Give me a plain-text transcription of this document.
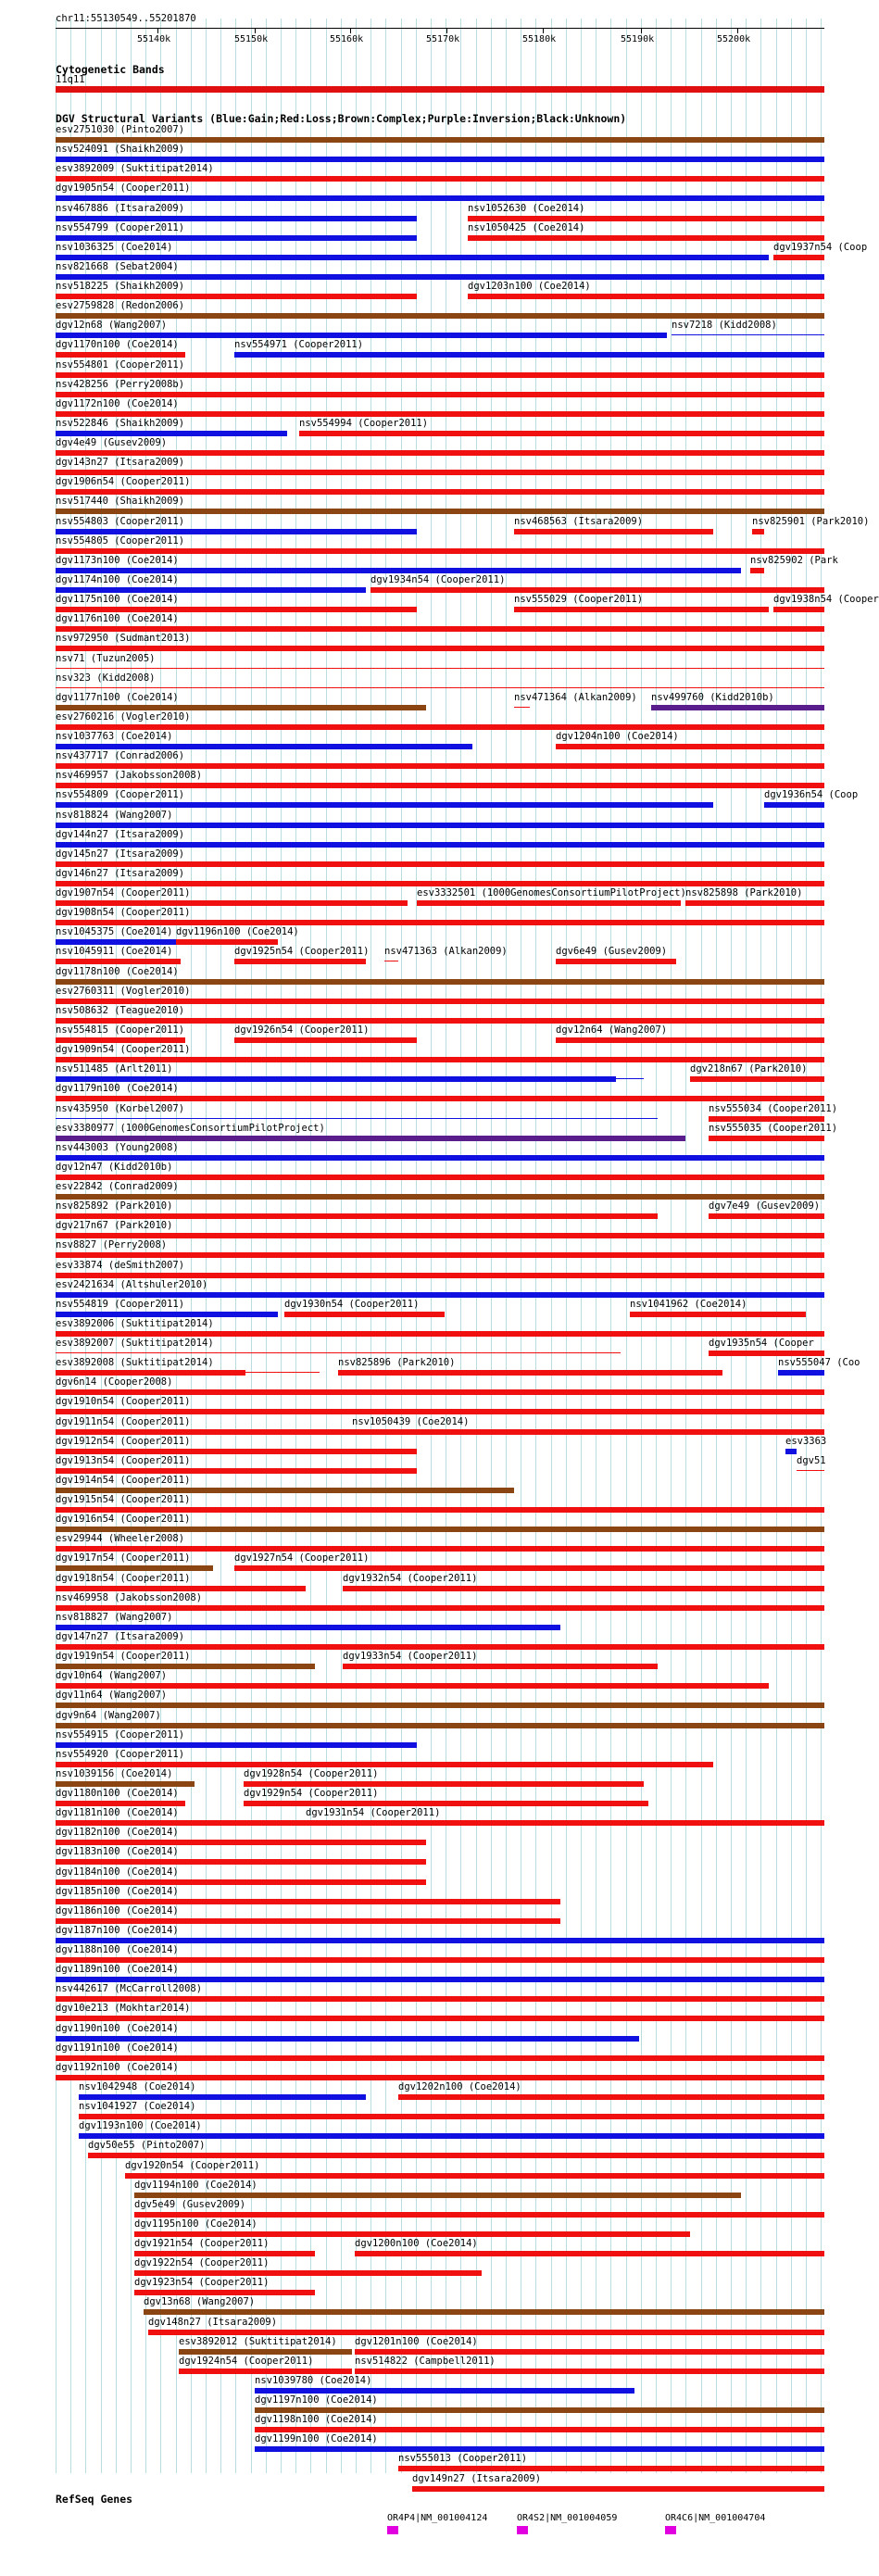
chr11:55130549..55201870
55140k	55150k	55160k	55170k	55180k	55190k	55200k
Cytogenetic Bands
11q11
DGV Structural Variants (Blue:Gain;Red:Loss;Brown:Complex;Purple:Inversion;Black:Unknown)
esv2751030 (Pinto2007)
nsv524091 (Shaikh2009)
esv3892009 (Suktitipat2014)
dgv1905n54 (Cooper2011)
nsv467886 (Itsara2009)	nsv1052630 (Coe2014)
nsv554799 (Cooper2011)	nsv1050425 (Coe2014)
nsv1036325 (Coe2014)	dgv1937n54 (Coop
nsv821668 (Sebat2004)
nsv518225 (Shaikh2009)	dgv1203n100 (Coe2014)
esv2759828 (Redon2006)
dgv12n68 (Wang2007)	nsv7218 (Kidd2008)
dgv1170n100 (Coe2014)	nsv554971 (Cooper2011)
nsv554801 (Cooper2011)
nsv428256 (Perry2008b)
dgv1172n100 (Coe2014)
nsv522846 (Shaikh2009)	nsv554994 (Cooper2011)
dgv4e49 (Gusev2009)
dgv143n27 (Itsara2009)
dgv1906n54 (Cooper2011)
nsv517440 (Shaikh2009)
nsv554803 (Cooper2011)	nsv468563 (Itsara2009)	nsv825901 (Park2010)
nsv554805 (Cooper2011)
dgv1173n100 (Coe2014)	nsv825902 (Park
dgv1174n100 (Coe2014)	dgv1934n54 (Cooper2011)
dgv1175n100 (Coe2014)	nsv555029 (Cooper2011)	dgv1938n54 (Cooper
dgv1176n100 (Coe2014)
nsv972950 (Sudmant2013)
nsv71 (Tuzun2005)
nsv323 (Kidd2008)
dgv1177n100 (Coe2014)	nsv471364 (Alkan2009) nsv499760 (Kidd2010b)
esv2760216 (Vogler2010)
nsv1037763 (Coe2014)	dgv1204n100 (Coe2014)
nsv437717 (Conrad2006)
nsv469957 (Jakobsson2008)
nsv554809 (Cooper2011)	dgv1936n54 (Coop
nsv818824 (Wang2007)
dgv144n27 (Itsara2009)
dgv145n27 (Itsara2009)
dgv146n27 (Itsara2009)
dgv1907n54 (Cooper2011)	esv3332501 (1000GenomesConsortiumPilotProject) nsv825898 (Park2010)
dgv1908n54 (Cooper2011)
nsv1045375 (Coe2014) dgv1196n100 (Coe2014)
nsv1045911 (Coe2014)	dgv1925n54 (Cooper2011) nsv471363 (Alkan2009)	dgv6e49 (Gusev2009)
dgv1178n100 (Coe2014)
esv2760311 (Vogler2010)
nsv508632 (Teague2010)
nsv554815 (Cooper2011)	dgv1926n54 (Cooper2011)	dgv12n64 (Wang2007)
dgv1909n54 (Cooper2011)
nsv511485 (Arlt2011)	dgv218n67 (Park2010)
dgv1179n100 (Coe2014)
nsv435950 (Korbel2007)	nsv555034 (Cooper2011)
esv3380977 (1000GenomesConsortiumPilotProject)	nsv555035 (Cooper2011)
nsv443003 (Young2008)
dgv12n47 (Kidd2010b)
esv22842 (Conrad2009)
nsv825892 (Park2010)	dgv7e49 (Gusev2009)
dgv217n67 (Park2010)
nsv8827 (Perry2008)
esv33874 (deSmith2007)
esv2421634 (Altshuler2010)
nsv554819 (Cooper2011)	dgv1930n54 (Cooper2011)	nsv1041962 (Coe2014)
esv3892006 (Suktitipat2014)
esv3892007 (Suktitipat2014)	dgv1935n54 (Cooper
esv3892008 (Suktitipat2014)	nsv825896 (Park2010)	nsv555047 (Coo
dgv6n14 (Cooper2008)
dgv1910n54 (Cooper2011)
dgv1911n54 (Cooper2011)	nsv1050439 (Coe2014)
dgv1912n54 (Cooper2011)	esv3363
dgv1913n54 (Cooper2011)	dgv51
dgv1914n54 (Cooper2011)
dgv1915n54 (Cooper2011)
dgv1916n54 (Cooper2011)
esv29944 (Wheeler2008)
dgv1917n54 (Cooper2011)	dgv1927n54 (Cooper2011)
dgv1918n54 (Cooper2011)	dgv1932n54 (Cooper2011)
nsv469958 (Jakobsson2008)
nsv818827 (Wang2007)
dgv147n27 (Itsara2009)
dgv1919n54 (Cooper2011)	dgv1933n54 (Cooper2011)
dgv10n64 (Wang2007)
dgv11n64 (Wang2007)
dgv9n64 (Wang2007)
nsv554915 (Cooper2011)
nsv554920 (Cooper2011)
nsv1039156 (Coe2014)	dgv1928n54 (Cooper2011)
dgv1180n100 (Coe2014)	dgv1929n54 (Cooper2011)
dgv1181n100 (Coe2014)	dgv1931n54 (Cooper2011)
dgv1182n100 (Coe2014)
dgv1183n100 (Coe2014)
dgv1184n100 (Coe2014)
dgv1185n100 (Coe2014)
dgv1186n100 (Coe2014)
dgv1187n100 (Coe2014)
dgv1188n100 (Coe2014)
dgv1189n100 (Coe2014)
nsv442617 (McCarroll2008)
dgv10e213 (Mokhtar2014)
dgv1190n100 (Coe2014)
dgv1191n100 (Coe2014)
dgv1192n100 (Coe2014)
nsv1042948 (Coe2014)	dgv1202n100 (Coe2014)
nsv1041927 (Coe2014)
dgv1193n100 (Coe2014)
dgv50e55 (Pinto2007)
dgv1920n54 (Cooper2011)
dgv1194n100 (Coe2014)
dgv5e49 (Gusev2009)
dgv1195n100 (Coe2014)
dgv1921n54 (Cooper2011)	dgv1200n100 (Coe2014)
dgv1922n54 (Cooper2011)
dgv1923n54 (Cooper2011)
dgv13n68 (Wang2007)
dgv148n27 (Itsara2009)
esv3892012 (Suktitipat2014) dgv1201n100 (Coe2014)
dgv1924n54 (Cooper2011)	nsv514822 (Campbell2011)
nsv1039780 (Coe2014)
dgv1197n100 (Coe2014)
dgv1198n100 (Coe2014)
dgv1199n100 (Coe2014)
nsv555013 (Cooper2011)
dgv149n27 (Itsara2009)
RefSeq Genes
OR4P4|NM_001004124	OR4S2|NM_001004059	OR4C6|NM_001004704
